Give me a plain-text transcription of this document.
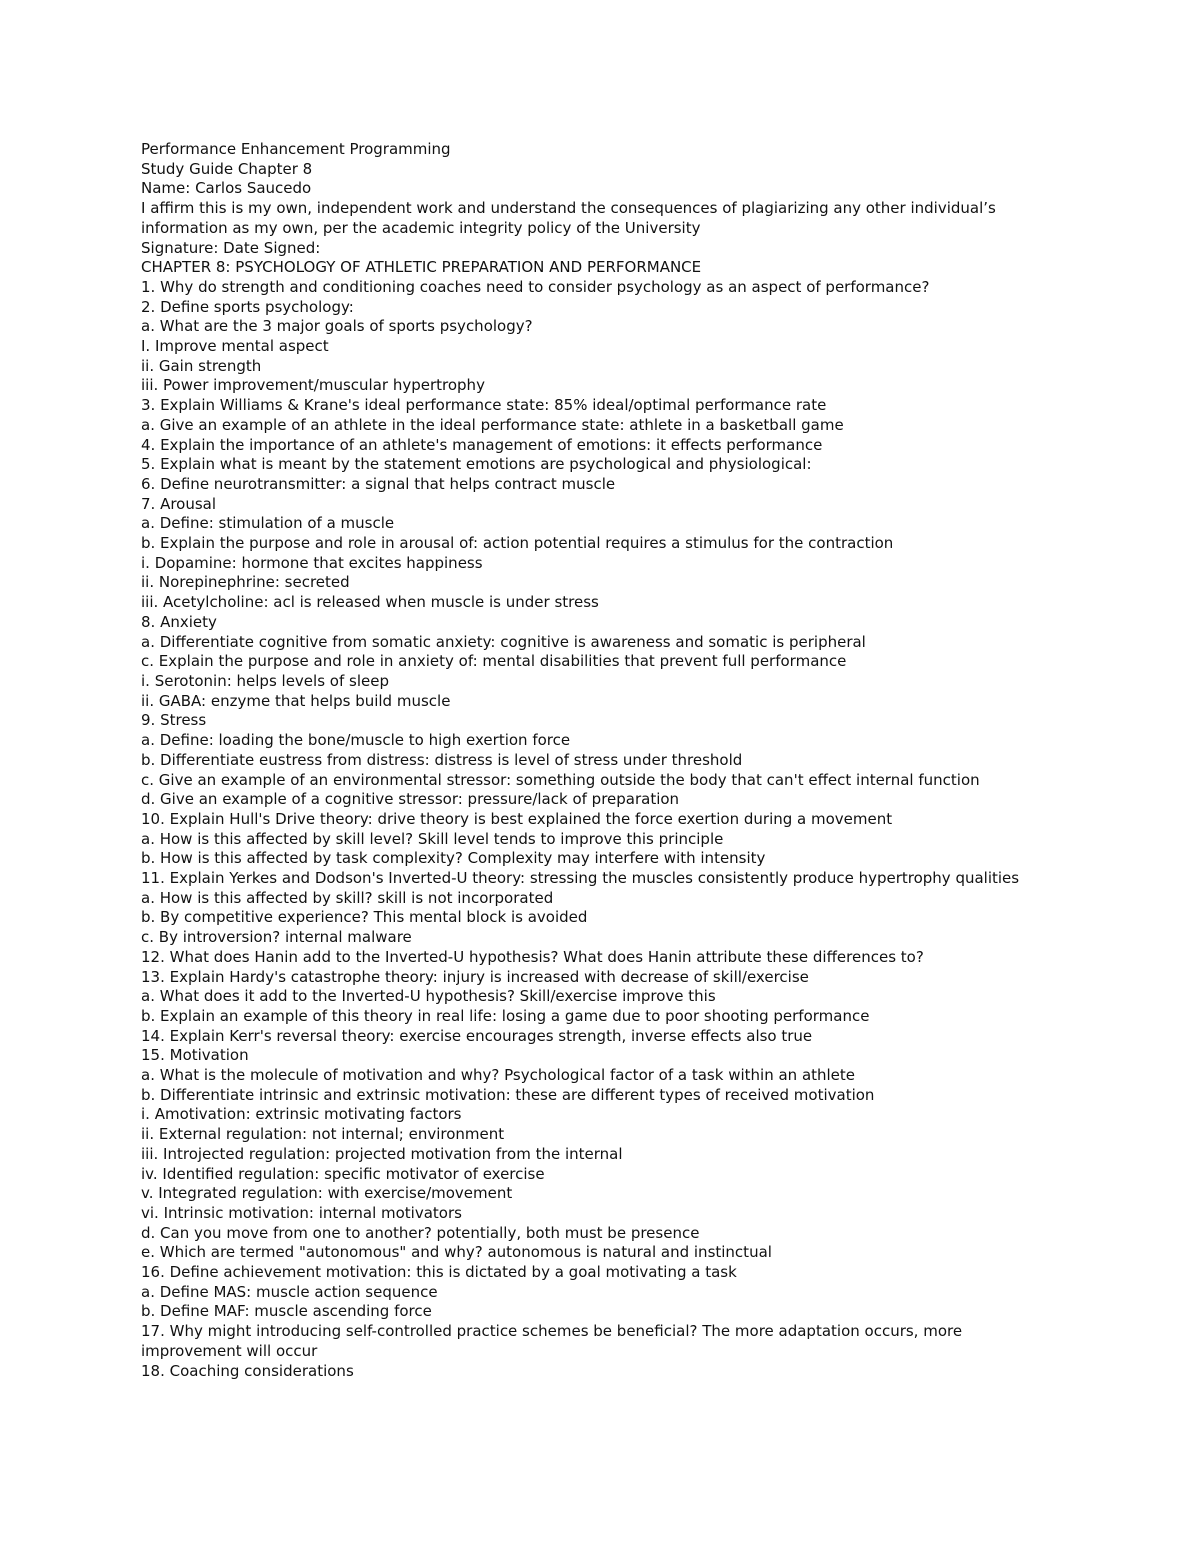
Performance Enhancement Programming

Study Guide Chapter 8

Name: Carlos Saucedo

I affirm this is my own, independent work and understand the consequences of plagiarizing any other individual’s information as my own, per the academic integrity policy of the University

Signature: Date Signed:

CHAPTER 8: PSYCHOLOGY OF ATHLETIC PREPARATION AND PERFORMANCE

1. Why do strength and conditioning coaches need to consider psychology as an aspect of performance?

2. Define sports psychology:

a. What are the 3 major goals of sports psychology?

I. Improve mental aspect

ii. Gain strength

iii. Power improvement/muscular hypertrophy

3. Explain Williams & Krane's ideal performance state: 85% ideal/optimal performance rate

a. Give an example of an athlete in the ideal performance state: athlete in a basketball game

4. Explain the importance of an athlete's management of emotions: it effects performance

5. Explain what is meant by the statement emotions are psychological and physiological:

6. Define neurotransmitter: a signal that helps contract muscle

7. Arousal

a. Define: stimulation of a muscle

b. Explain the purpose and role in arousal of: action potential requires a stimulus for the contraction

i. Dopamine: hormone that excites happiness

ii. Norepinephrine: secreted

iii. Acetylcholine: acl is released when muscle is under stress

8. Anxiety

a. Differentiate cognitive from somatic anxiety: cognitive is awareness and somatic is peripheral

c. Explain the purpose and role in anxiety of: mental disabilities that prevent full performance

i. Serotonin: helps levels of sleep

ii. GABA: enzyme that helps build muscle

9. Stress

a. Define: loading the bone/muscle to high exertion force

b. Differentiate eustress from distress: distress is level of stress under threshold

c. Give an example of an environmental stressor: something outside the body that can't effect internal function

d. Give an example of a cognitive stressor: pressure/lack of preparation

10. Explain Hull's Drive theory: drive theory is best explained the force exertion during a movement

a. How is this affected by skill level? Skill level tends to improve this principle

b. How is this affected by task complexity? Complexity may interfere with intensity

11. Explain Yerkes and Dodson's Inverted-U theory: stressing the muscles consistently produce hypertrophy qualities

a. How is this affected by skill? skill is not incorporated

b. By competitive experience? This mental block is avoided

c. By introversion? internal malware

12. What does Hanin add to the Inverted-U hypothesis? What does Hanin attribute these differences to?

13. Explain Hardy's catastrophe theory: injury is increased with decrease of skill/exercise

a. What does it add to the Inverted-U hypothesis? Skill/exercise improve this

b. Explain an example of this theory in real life: losing a game due to poor shooting performance

14. Explain Kerr's reversal theory: exercise encourages strength, inverse effects also true

15. Motivation

a. What is the molecule of motivation and why? Psychological factor of a task within an athlete

b. Differentiate intrinsic and extrinsic motivation: these are different types of received motivation

i. Amotivation: extrinsic motivating factors

ii. External regulation: not internal; environment

iii. Introjected regulation: projected motivation from the internal

iv. Identified regulation: specific motivator of exercise

v. Integrated regulation: with exercise/movement

vi. Intrinsic motivation: internal motivators

d. Can you move from one to another? potentially, both must be presence

e. Which are termed "autonomous" and why? autonomous is natural and instinctual

16. Define achievement motivation: this is dictated by a goal motivating a task

a. Define MAS: muscle action sequence

b. Define MAF: muscle ascending force

17. Why might introducing self-controlled practice schemes be beneficial? The more adaptation occurs, more improvement will occur

18. Coaching considerations
